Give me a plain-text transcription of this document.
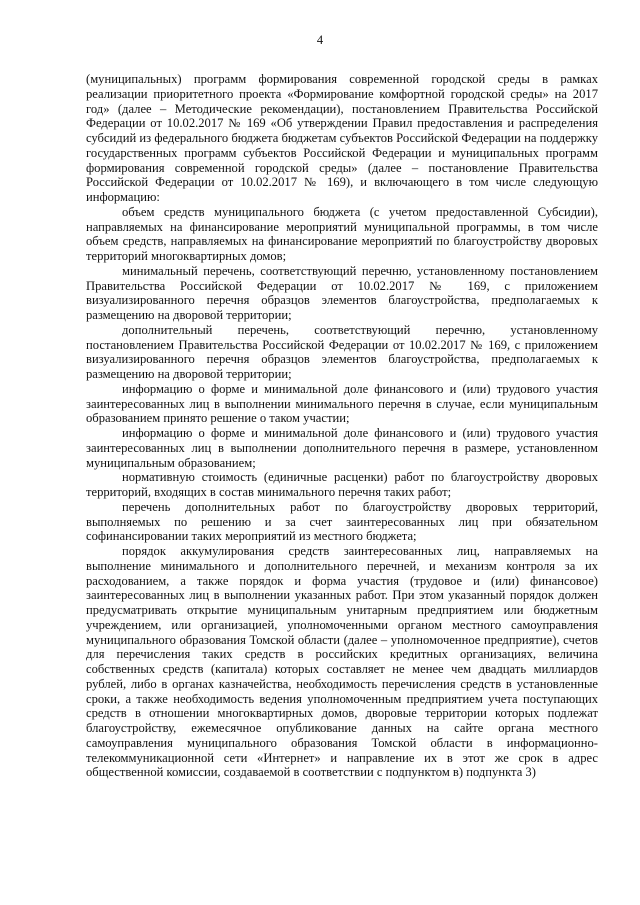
4

(муниципальных) программ формирования современной городской среды в рамках реализации приоритетного проекта «Формирование комфортной городской среды» на 2017 год» (далее – Методические рекомендации), постановлением Правительства Российской Федерации от 10.02.2017 № 169 «Об утверждении Правил предоставления и распределения субсидий из федерального бюджета бюджетам субъектов Российской Федерации на поддержку государственных программ субъектов Российской Федерации и муниципальных программ формирования современной городской среды» (далее – постановление Правительства Российской Федерации от 10.02.2017 № 169), и включающего в том числе следующую информацию:

объем средств муниципального бюджета (с учетом предоставленной Субсидии), направляемых на финансирование мероприятий муниципальной программы, в том числе объем средств, направляемых на финансирование мероприятий по благоустройству дворовых территорий многоквартирных домов;

минимальный перечень, соответствующий перечню, установленному постановлением Правительства Российской Федерации от 10.02.2017 № 169, с приложением визуализированного перечня образцов элементов благоустройства, предполагаемых к размещению на дворовой территории;

дополнительный перечень, соответствующий перечню, установленному постановлением Правительства Российской Федерации от 10.02.2017 № 169, с приложением визуализированного перечня образцов элементов благоустройства, предполагаемых к размещению на дворовой территории;

информацию о форме и минимальной доле финансового и (или) трудового участия заинтересованных лиц в выполнении минимального перечня в случае, если муниципальным образованием принято решение о таком участии;

информацию о форме и минимальной доле финансового и (или) трудового участия заинтересованных лиц в выполнении дополнительного перечня в размере, установленном муниципальным образованием;

нормативную стоимость (единичные расценки) работ по благоустройству дворовых территорий, входящих в состав минимального перечня таких работ;

перечень дополнительных работ по благоустройству дворовых территорий, выполняемых по решению и за счет заинтересованных лиц при обязательном софинансировании таких мероприятий из местного бюджета;

порядок аккумулирования средств заинтересованных лиц, направляемых на выполнение минимального и дополнительного перечней, и механизм контроля за их расходованием, а также порядок и форма участия (трудовое и (или) финансовое) заинтересованных лиц в выполнении указанных работ. При этом указанный порядок должен предусматривать открытие муниципальным унитарным предприятием или бюджетным учреждением, или организацией, уполномоченными органом местного самоуправления муниципального образования Томской области (далее – уполномоченное предприятие), счетов для перечисления таких средств в российских кредитных организациях, величина собственных средств (капитала) которых составляет не менее чем двадцать миллиардов рублей, либо в органах казначейства, необходимость перечисления средств в установленные сроки, а также необходимость ведения уполномоченным предприятием учета поступающих средств в отношении многоквартирных домов, дворовые территории которых подлежат благоустройству, ежемесячное опубликование данных на сайте органа местного самоуправления муниципального образования Томской области в информационно-телекоммуникационной сети «Интернет» и направление их в этот же срок в адрес общественной комиссии, создаваемой в соответствии с подпунктом в) подпункта 3)
